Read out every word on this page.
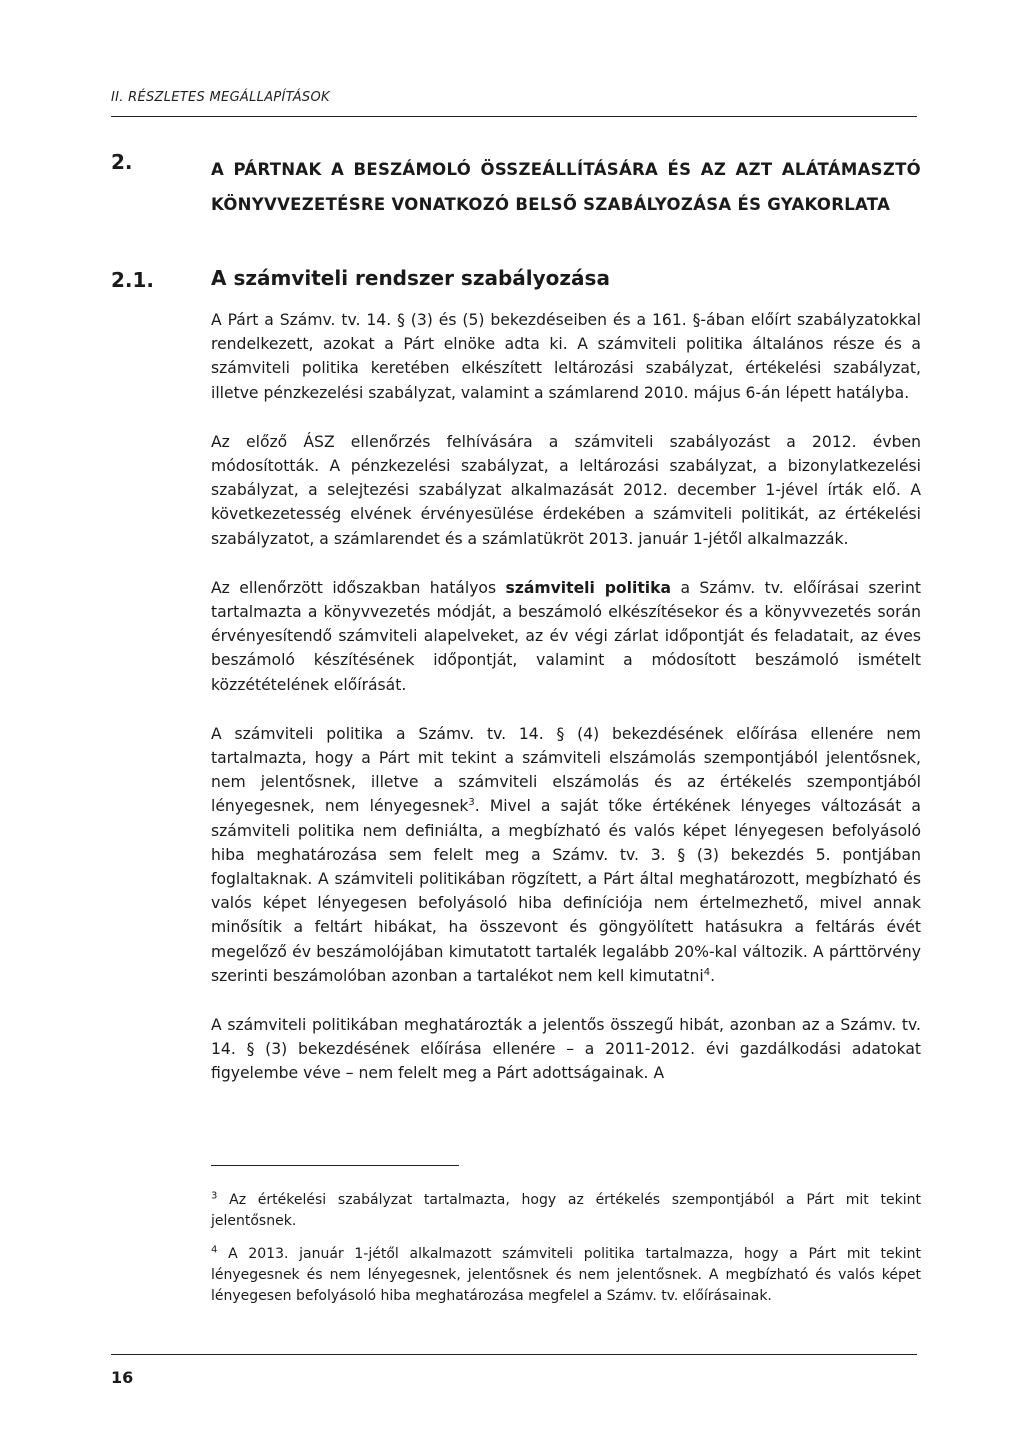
II. RÉSZLETES MEGÁLLAPÍTÁSOK
2.	A PÁRTNAK A BESZÁMOLÓ ÖSSZEÁLLÍTÁSÁRA ÉS AZ AZT ALÁTÁMASZTÓ KÖNYVVEZETÉSRE VONATKOZÓ BELSŐ SZABÁLYOZÁSA ÉS GYAKORLATA
2.1.	A számviteli rendszer szabályozása

A Párt a Számv. tv. 14. § (3) és (5) bekezdéseiben és a 161. §-ában előírt szabályzatokkal rendelkezett, azokat a Párt elnöke adta ki. A számviteli politika általános része és a számviteli politika keretében elkészített leltározási szabályzat, értékelési szabályzat, illetve pénzkezelési szabályzat, valamint a számlarend 2010. május 6-án lépett hatályba.

Az előző ÁSZ ellenőrzés felhívására a számviteli szabályozást a 2012. évben módosították. A pénzkezelési szabályzat, a leltározási szabályzat, a bizonylatkezelési szabályzat, a selejtezési szabályzat alkalmazását 2012. december 1-jével írták elő. A következetesség elvének érvényesülése érdekében a számviteli politikát, az értékelési szabályzatot, a számlarendet és a számlatükröt 2013. január 1-jétől alkalmazzák.

Az ellenőrzött időszakban hatályos számviteli politika a Számv. tv. előírásai szerint tartalmazta a könyvvezetés módját, a beszámoló elkészítésekor és a könyvvezetés során érvényesítendő számviteli alapelveket, az év végi zárlat időpontját és feladatait, az éves beszámoló készítésének időpontját, valamint a módosított beszámoló ismételt közzétételének előírását.

A számviteli politika a Számv. tv. 14. § (4) bekezdésének előírása ellenére nem tartalmazta, hogy a Párt mit tekint a számviteli elszámolás szempontjából jelentősnek, nem jelentősnek, illetve a számviteli elszámolás és az értékelés szempontjából lényegesnek, nem lényegesnek$^3$. Mivel a saját tőke értékének lényeges változását a számviteli politika nem definiálta, a megbízható és valós képet lényegesen befolyásoló hiba meghatározása sem felelt meg a Számv. tv. 3. § (3) bekezdés 5. pontjában foglaltaknak. A számviteli politikában rögzített, a Párt által meghatározott, megbízható és valós képet lényegesen befolyásoló hiba definíciója nem értelmezhető, mivel annak minősítik a feltárt hibákat, ha összevont és göngyölített hatásukra a feltárás évét megelőző év beszámolójában kimutatott tartalék legalább 20%-kal változik. A párttörvény szerinti beszámolóban azonban a tartalékot nem kell kimutatni$^4$.

A számviteli politikában meghatározták a jelentős összegű hibát, azonban az a Számv. tv. 14. § (3) bekezdésének előírása ellenére – a 2011-2012. évi gazdálkodási adatokat figyelembe véve – nem felelt meg a Párt adottságainak. A

$^3$ Az értékelési szabályzat tartalmazta, hogy az értékelés szempontjából a Párt mit tekint jelentősnek.

$^4$ A 2013. január 1-jétől alkalmazott számviteli politika tartalmazza, hogy a Párt mit tekint lényegesnek és nem lényegesnek, jelentősnek és nem jelentősnek. A megbízható és valós képet lényegesen befolyásoló hiba meghatározása megfelel a Számv. tv. előírásainak.

16
